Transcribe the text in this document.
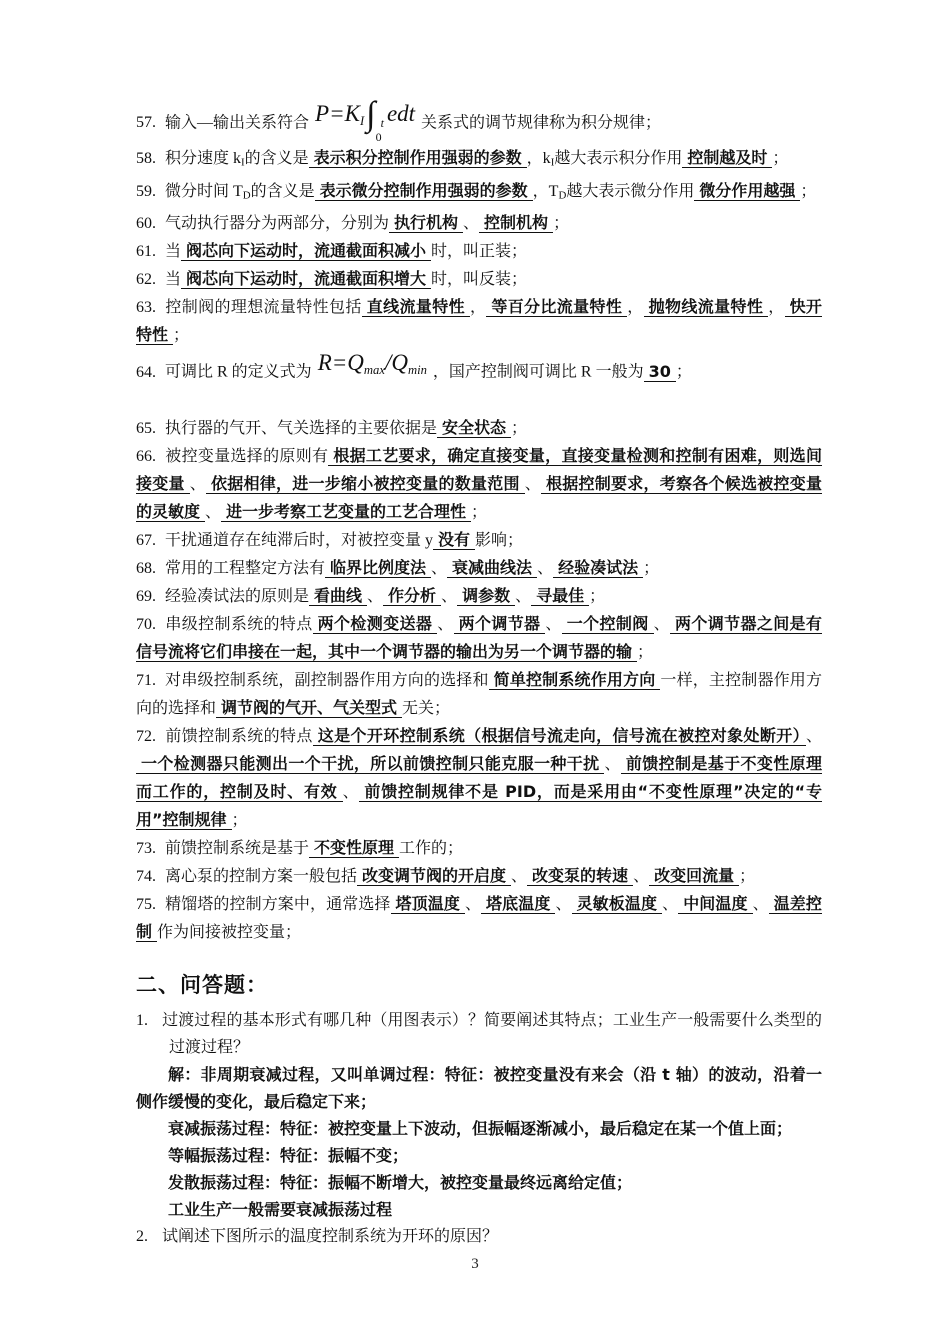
57. 输入—输出关系符合 P=KI∫ t
0
edt 关系式的调节规律称为积分规律；

58. 积分速度 $k_I$的含义是 表示积分控制作用强弱的参数 ，$k_I$越大表示积分作用 控制越及时 ；

59. 微分时间 $T_D$的含义是 表示微分控制作用强弱的参数 ，$T_D$越大表示微分作用 微分作用越强 ；

60. 气动执行器分为两部分，分别为 执行机构 、 控制机构 ；

61. 当 阀芯向下运动时，流通截面积减小 时，叫正装；

62. 当 阀芯向下运动时，流通截面积增大 时，叫反装；

63. 控制阀的理想流量特性包括 直线流量特性 ， 等百分比流量特性 ， 抛物线流量特性 ， 快开特性 ；

64. 可调比 R 的定义式为 R=Qmax/Qmin ，国产控制阀可调比 R 一般为 30 ；

65. 执行器的气开、气关选择的主要依据是 安全状态 ；

66. 被控变量选择的原则有 根据工艺要求，确定直接变量，直接变量检测和控制有困难，则选间接变量 、 依据相律，进一步缩小被控变量的数量范围 、 根据控制要求，考察各个候选被控变量的灵敏度 、 进一步考察工艺变量的工艺合理性 ；

67. 干扰通道存在纯滞后时，对被控变量 y 没有 影响；

68. 常用的工程整定方法有 临界比例度法 、 衰减曲线法 、 经验凑试法 ；

69. 经验凑试法的原则是 看曲线 、 作分析 、 调参数 、 寻最佳 ；

70. 串级控制系统的特点 两个检测变送器 、 两个调节器 、 一个控制阀 、 两个调节器之间是有信号流将它们串接在一起，其中一个调节器的输出为另一个调节器的输 ；

71. 对串级控制系统，副控制器作用方向的选择和 简单控制系统作用方向 一样，主控制器作用方向的选择和 调节阀的气开、气关型式 无关；

72. 前馈控制系统的特点 这是个开环控制系统（根据信号流走向，信号流在被控对象处断开） 、一个检测器只能测出一个干扰，所以前馈控制只能克服一种干扰 、 前馈控制是基于不变性原理而工作的，控制及时、有效 、 前馈控制规律不是 PID，而是采用由“不变性原理”决定的“专用”控制规律 ；

73. 前馈控制系统是基于 不变性原理 工作的；

74. 离心泵的控制方案一般包括 改变调节阀的开启度 、 改变泵的转速 、 改变回流量 ；

75. 精馏塔的控制方案中，通常选择 塔顶温度 、 塔底温度 、 灵敏板温度 、 中间温度 、 温差控制 作为间接被控变量；

二、问答题：

1. 过渡过程的基本形式有哪几种（用图表示）？简要阐述其特点；工业生产一般需要什么类型的过渡过程？

解：非周期衰减过程，又叫单调过程：特征：被控变量没有来会（沿 t 轴）的波动，沿着一侧作缓慢的变化，最后稳定下来；

衰减振荡过程：特征：被控变量上下波动，但振幅逐渐减小，最后稳定在某一个值上面；

等幅振荡过程：特征：振幅不变；

发散振荡过程：特征：振幅不断增大，被控变量最终远离给定值；

工业生产一般需要衰减振荡过程

2. 试阐述下图所示的温度控制系统为开环的原因？

3
